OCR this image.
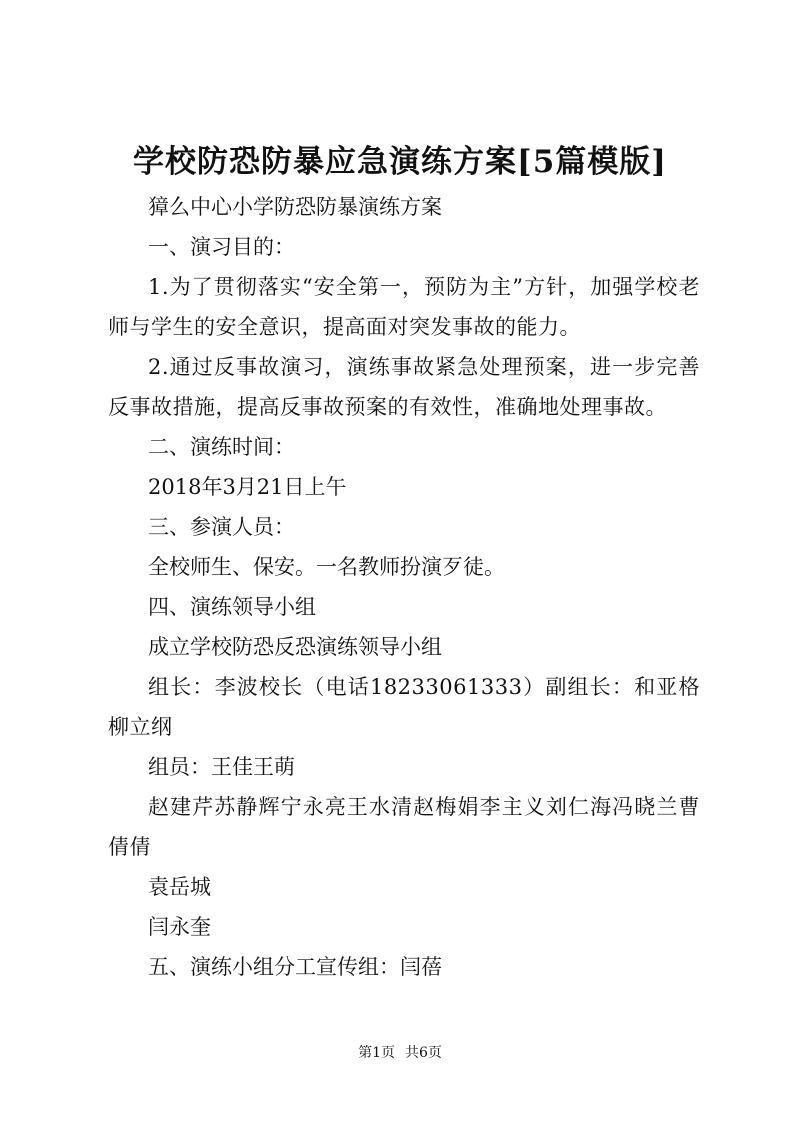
学校防恐防暴应急演练方案[5篇模版]

獐么中心小学防恐防暴演练方案

一、演习目的：

1.为了贯彻落实“安全第一，预防为主”方针，加强学校老师与学生的安全意识，提高面对突发事故的能力。

2.通过反事故演习，演练事故紧急处理预案，进一步完善反事故措施，提高反事故预案的有效性，准确地处理事故。

二、演练时间：

2018年3月21日上午

三、参演人员：

全校师生、保安。一名教师扮演歹徒。

四、演练领导小组

成立学校防恐反恐演练领导小组

组长：李波校长（电话18233061333）副组长：和亚格柳立纲

组员：王佳王萌

赵建芹苏静辉宁永亮王水清赵梅娟李主义刘仁海冯晓兰曹倩倩

袁岳城

闫永奎

五、演练小组分工宣传组：闫蓓

第1页 共6页
